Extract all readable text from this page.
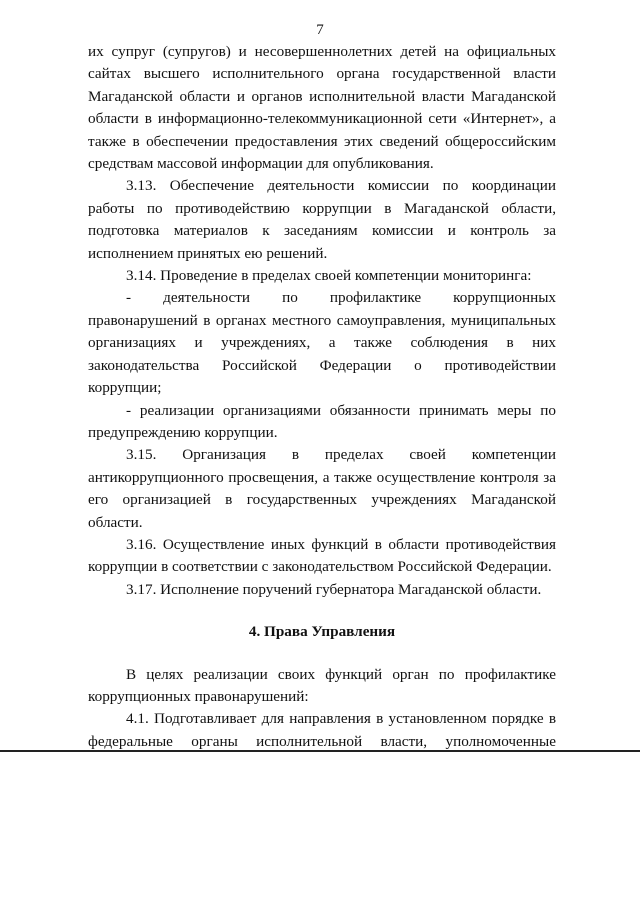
7

их супруг (супругов) и несовершеннолетних детей на официальных сайтах высшего исполнительного органа государственной власти Магаданской области и органов исполнительной власти Магаданской области в информационно-телекоммуникационной сети «Интернет», а также в обеспечении предоставления этих сведений общероссийским средствам массовой информации для опубликования.

3.13. Обеспечение деятельности комиссии по координации работы по противодействию коррупции в Магаданской области, подготовка материалов к заседаниям комиссии и контроль за исполнением принятых ею решений.

3.14. Проведение в пределах своей компетенции мониторинга:

- деятельности по профилактике коррупционных правонарушений в органах местного самоуправления, муниципальных организациях и учреждениях, а также соблюдения в них законодательства Российской Федерации о противодействии коррупции;

- реализации организациями обязанности принимать меры по предупреждению коррупции.

3.15. Организация в пределах своей компетенции антикоррупционного просвещения, а также осуществление контроля за его организацией в государственных учреждениях Магаданской области.

3.16. Осуществление иных функций в области противодействия коррупции в соответствии с законодательством Российской Федерации.

3.17. Исполнение поручений губернатора Магаданской области.

4. Права Управления

В целях реализации своих функций орган по профилактике коррупционных правонарушений:

4.1. Подготавливает для направления в установленном порядке в федеральные органы исполнительной власти, уполномоченные
